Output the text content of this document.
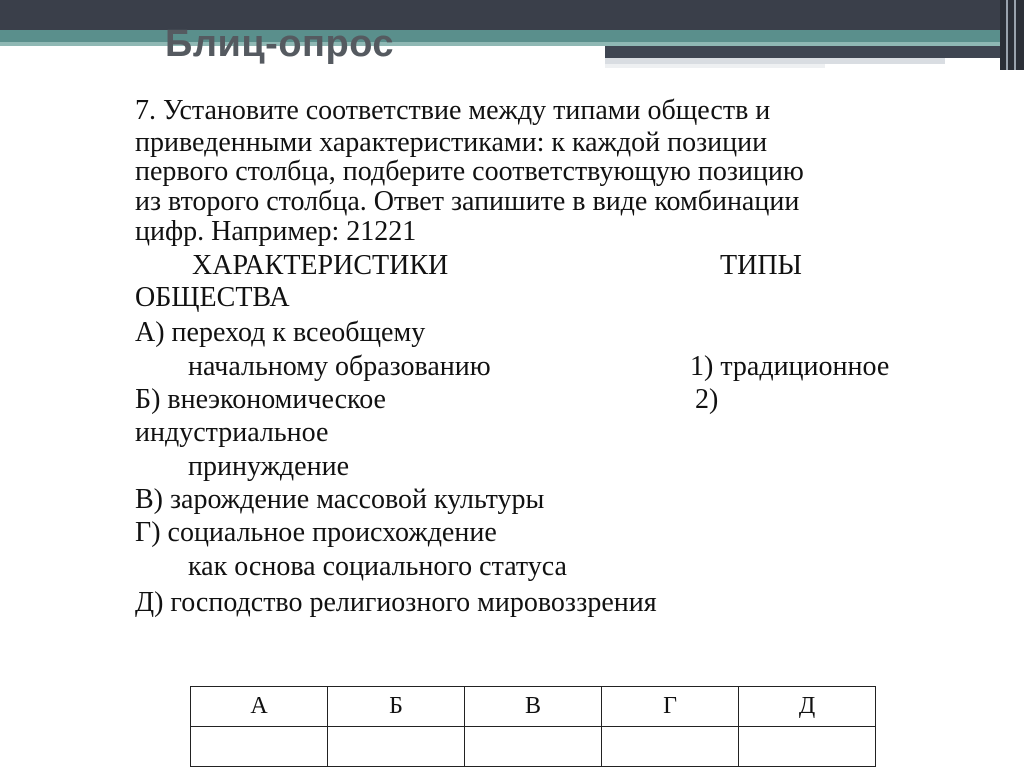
Блиц-опрос
7. Установите соответствие между типами обществ и
приведенными характеристиками: к каждой позиции
первого столбца, подберите соответствующую позицию
из второго столбца. Ответ запишите в виде комбинации
цифр. Например: 21221
ХАРАКТЕРИСТИКИ	ТИПЫ
ОБЩЕСТВА
А) переход к всеобщему
начальному образованию	1) традиционное
Б) внеэкономическое	2)
индустриальное
принуждение
В) зарождение массовой культуры
Г) социальное происхождение
как основа социального статуса
Д) господство религиозного мировоззрения
А	Б	В	Г	Д
